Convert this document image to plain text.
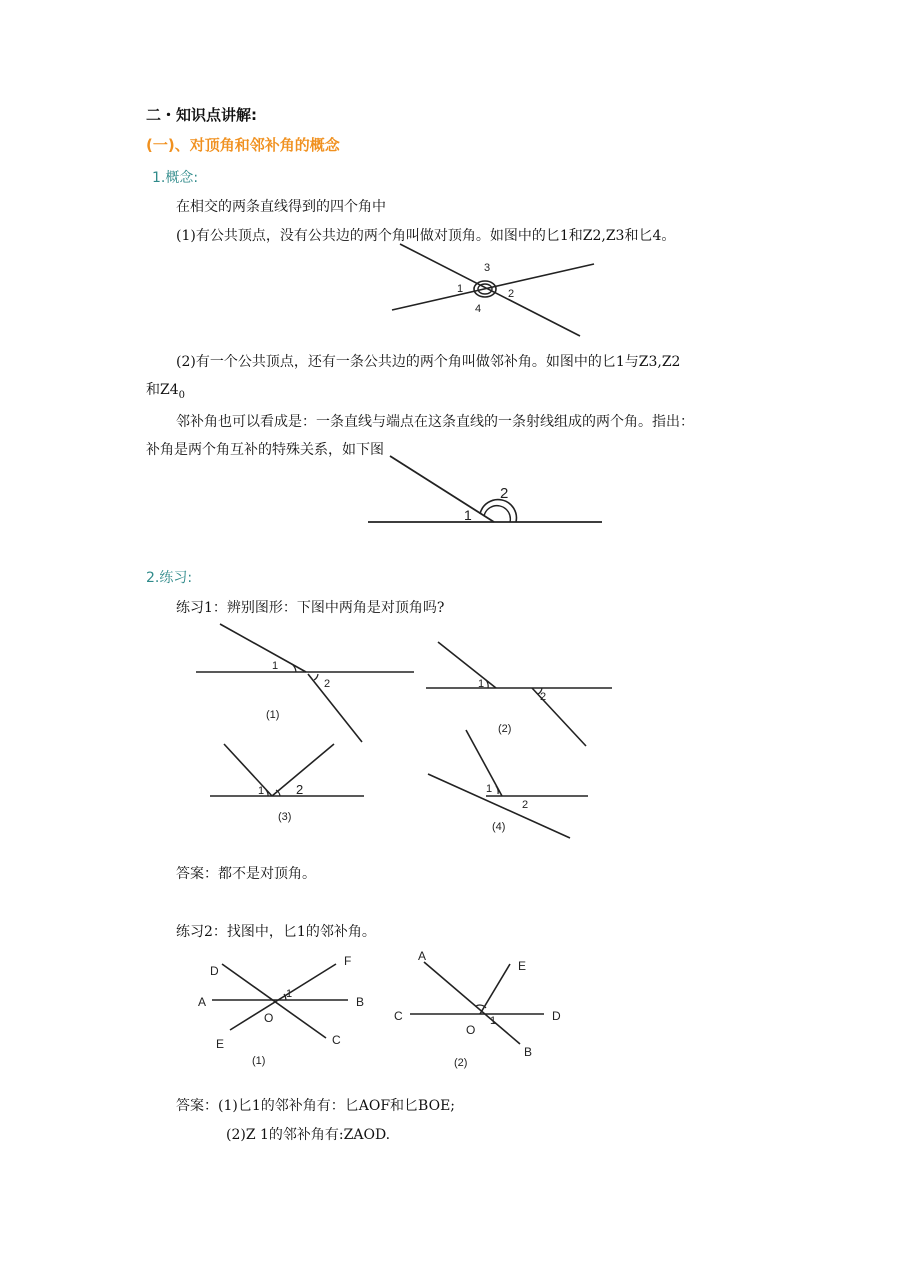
二・知识点讲解:
(一)、对顶角和邻补角的概念
1.概念:
在相交的两条直线得到的四个角中
(1)有公共顶点，没有公共边的两个角叫做对顶角。如图中的匕1和Z2,Z3和匕4。
1	2
3
4
(2)有一个公共顶点，还有一条公共边的两个角叫做邻补角。如图中的匕1与Z3,Z2
和$Z4_0$
邻补角也可以看成是：一条直线与端点在这条直线的一条射线组成的两个角。指出：
补角是两个角互补的特殊关系，如下图
1
2
2.练习:
练习1：辨别图形：下图中两角是对顶角吗?
1
2
(1)
1
2
(2)
1 2
(3)
1
2
(4)
答案：都不是对顶角。
练习2：找图中，匕1的邻补角。
D
F
A	B
O
E	C
1
(1)
A
E
C	D
O
B
1
(2)
答案：(1)匕1的邻补角有：匕AOF和匕BOE;
(2)Z 1的邻补角有:ZAOD.
